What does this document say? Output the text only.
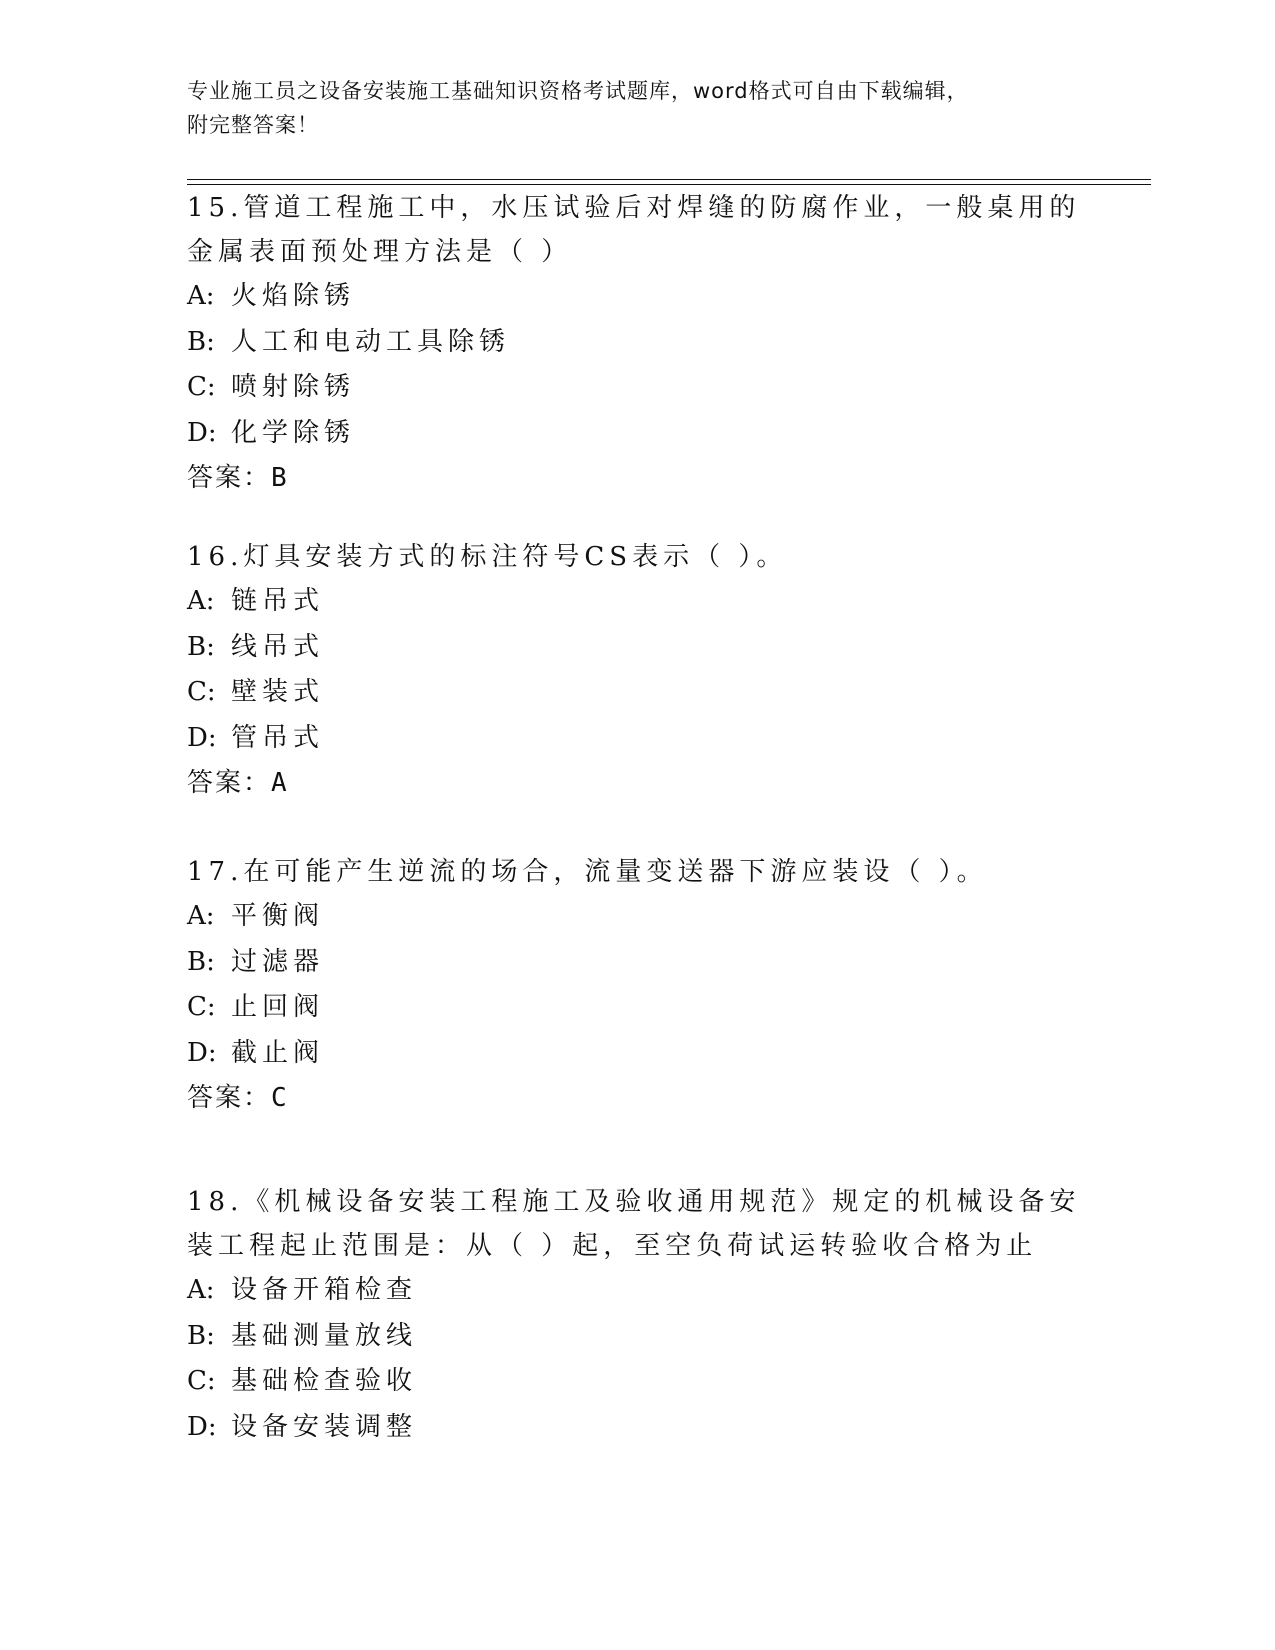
专业施工员之设备安装施工基础知识资格考试题库，word格式可自由下载编辑，
附完整答案！

15.管道工程施工中，水压试验后对焊缝的防腐作业，一般桌用的金属表面预处理方法是（ ）

A: 火焰除锈
B: 人工和电动工具除锈
C: 喷射除锈
D: 化学除锈
答案：B

16.灯具安装方式的标注符号CS表示（ ）。

A: 链吊式
B: 线吊式
C: 壁装式
D: 管吊式
答案：A

17.在可能产生逆流的场合，流量变送器下游应装设（ ）。

A: 平衡阀
B: 过滤器
C: 止回阀
D: 截止阀
答案：C

18.《机械设备安装工程施工及验收通用规范》规定的机械设备安装工程起止范围是：从（ ）起，至空负荷试运转验收合格为止

A: 设备开箱检查
B: 基础测量放线
C: 基础检查验收
D: 设备安装调整
